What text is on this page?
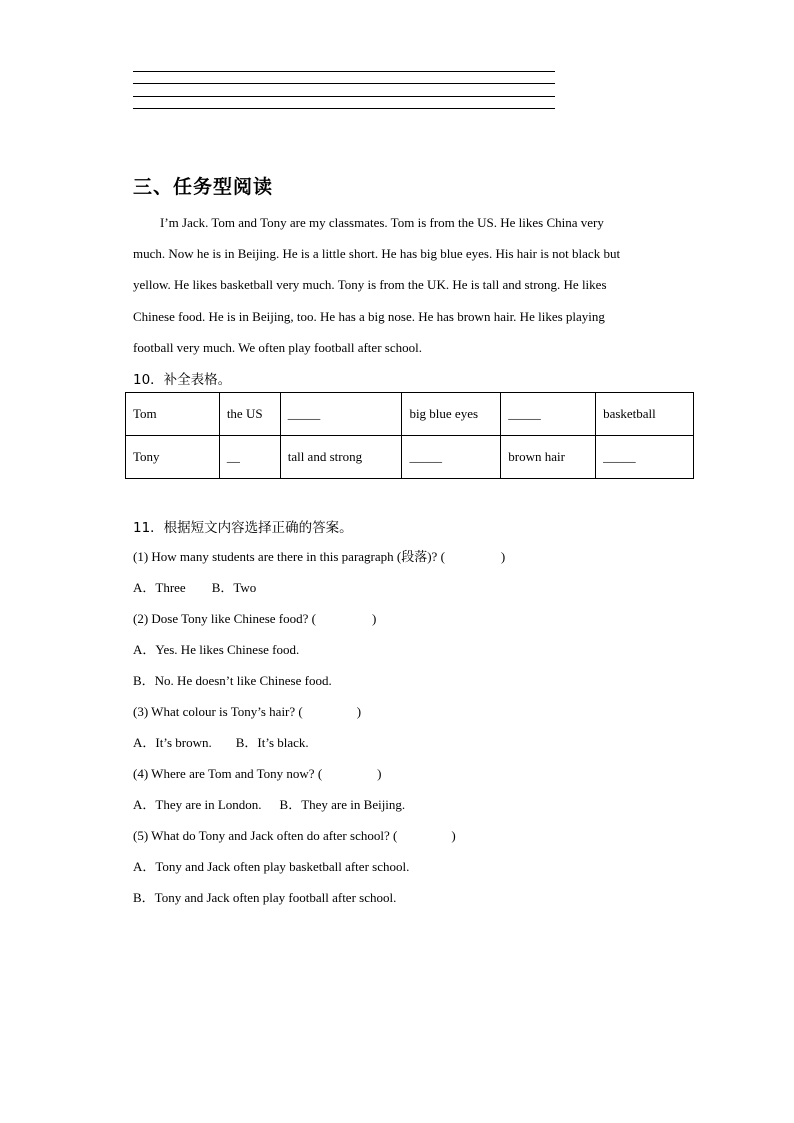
三、任务型阅读

I’m Jack. Tom and Tony are my classmates. Tom is from the US. He likes China very
much. Now he is in Beijing. He is a little short. He has big blue eyes. His hair is not black but
yellow. He likes basketball very much. Tony is from the UK. He is tall and strong. He likes
Chinese food. He is in Beijing, too. He has a big nose. He has brown hair. He likes playing
football very much. We often play football after school.

10．补全表格。
Tom	the US	_____	big blue eyes	_____	basketball
Tony	__	tall and strong	_____	brown hair	_____
11．根据短文内容选择正确的答案。
(1) How many students are there in this paragraph (段落)? (	)
A．Three B．Two
(2) Dose Tony like Chinese food? (	)
A．Yes. He likes Chinese food.
B．No. He doesn’t like Chinese food.
(3) What colour is Tony’s hair? (	)
A．It’s brown. B．It’s black.
(4) Where are Tom and Tony now? (	)
A．They are in London. B．They are in Beijing.
(5) What do Tony and Jack often do after school? (	)
A．Tony and Jack often play basketball after school.
B．Tony and Jack often play football after school.
